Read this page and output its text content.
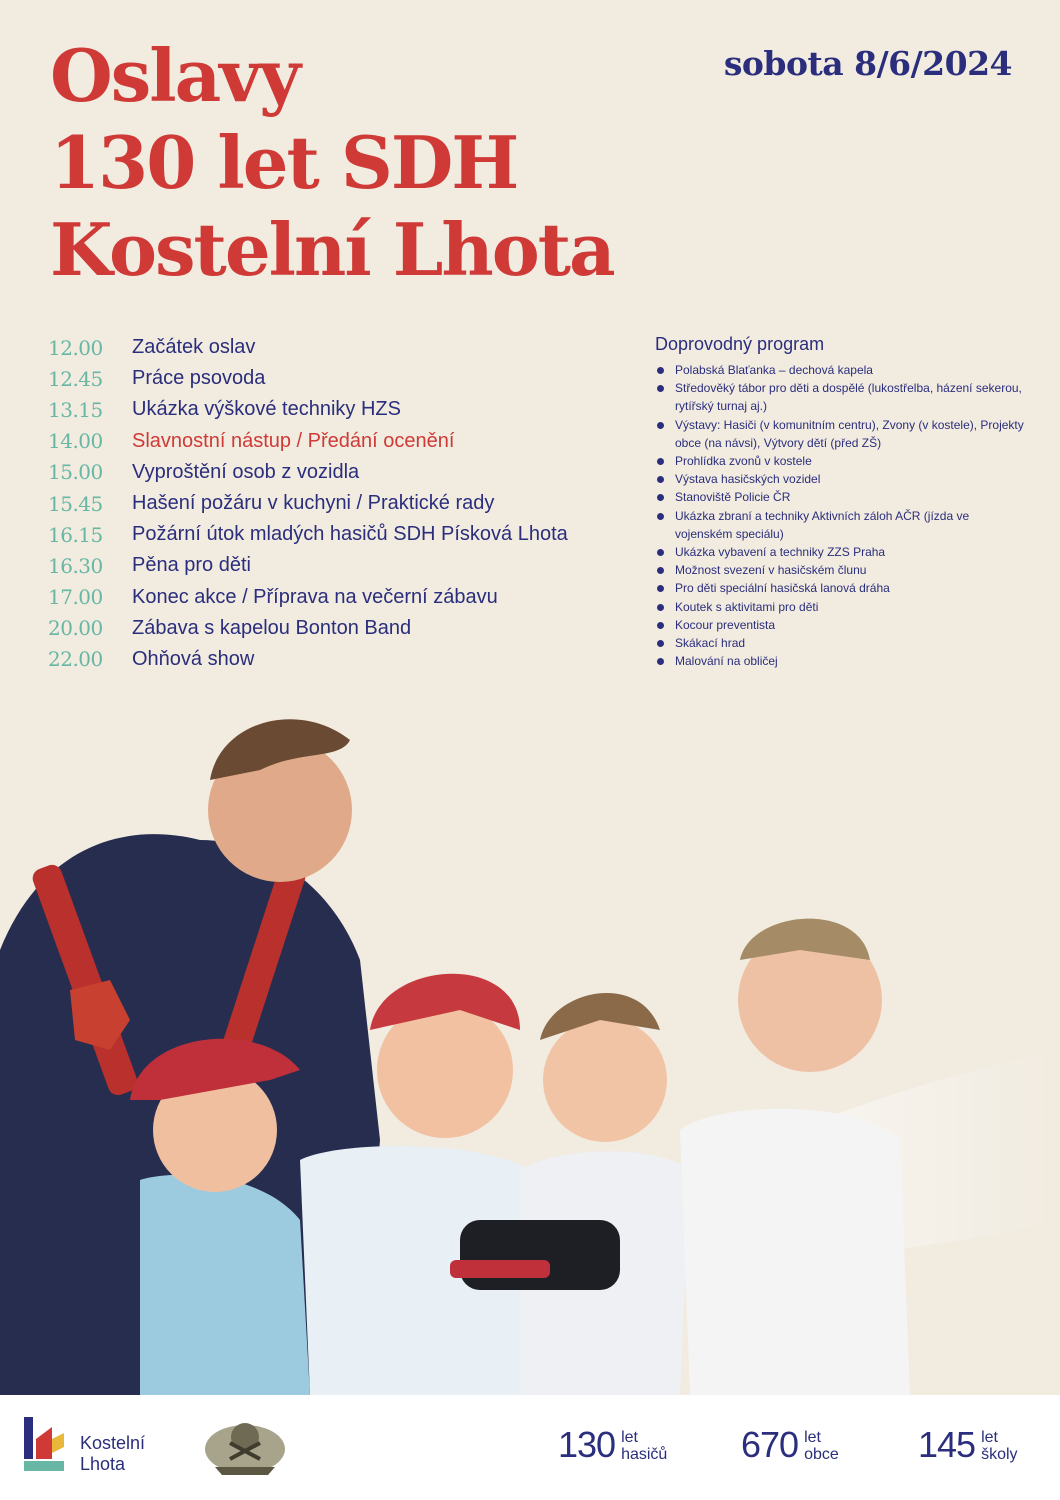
Oslavy
130 let SDH
Kostelní Lhota
sobota 8/6/2024
12.00	Začátek oslav
12.45	Práce psovoda
13.15	Ukázka výškové techniky HZS
14.00	Slavnostní nástup / Předání ocenění
15.00	Vyproštění osob z vozidla
15.45	Hašení požáru v kuchyni / Praktické rady
16.15	Požární útok mladých hasičů SDH Písková Lhota
16.30	Pěna pro děti
17.00	Konec akce / Příprava na večerní zábavu
20.00	Zábava s kapelou Bonton Band
22.00	Ohňová show
Doprovodný program
Polabská Blaťanka – dechová kapela
Středověký tábor pro děti a dospělé (lukostřelba, házení sekerou, rytířský turnaj aj.)
Výstavy: Hasiči (v komunitním centru), Zvony (v kostele), Projekty obce (na návsi), Výtvory dětí (před ZŠ)
Prohlídka zvonů v kostele
Výstava hasičských vozidel
Stanoviště Policie ČR
Ukázka zbraní a techniky Aktivních záloh AČR (jízda ve vojenském speciálu)
Ukázka vybavení a techniky ZZS Praha
Možnost svezení v hasičském člunu
Pro děti speciální hasičská lanová dráha
Koutek s aktivitami pro děti
Kocour preventista
Skákací hrad
Malování na obličej
Kostelní
Lhota	130 let
hasičů 670 let
obce 145 let
školy
